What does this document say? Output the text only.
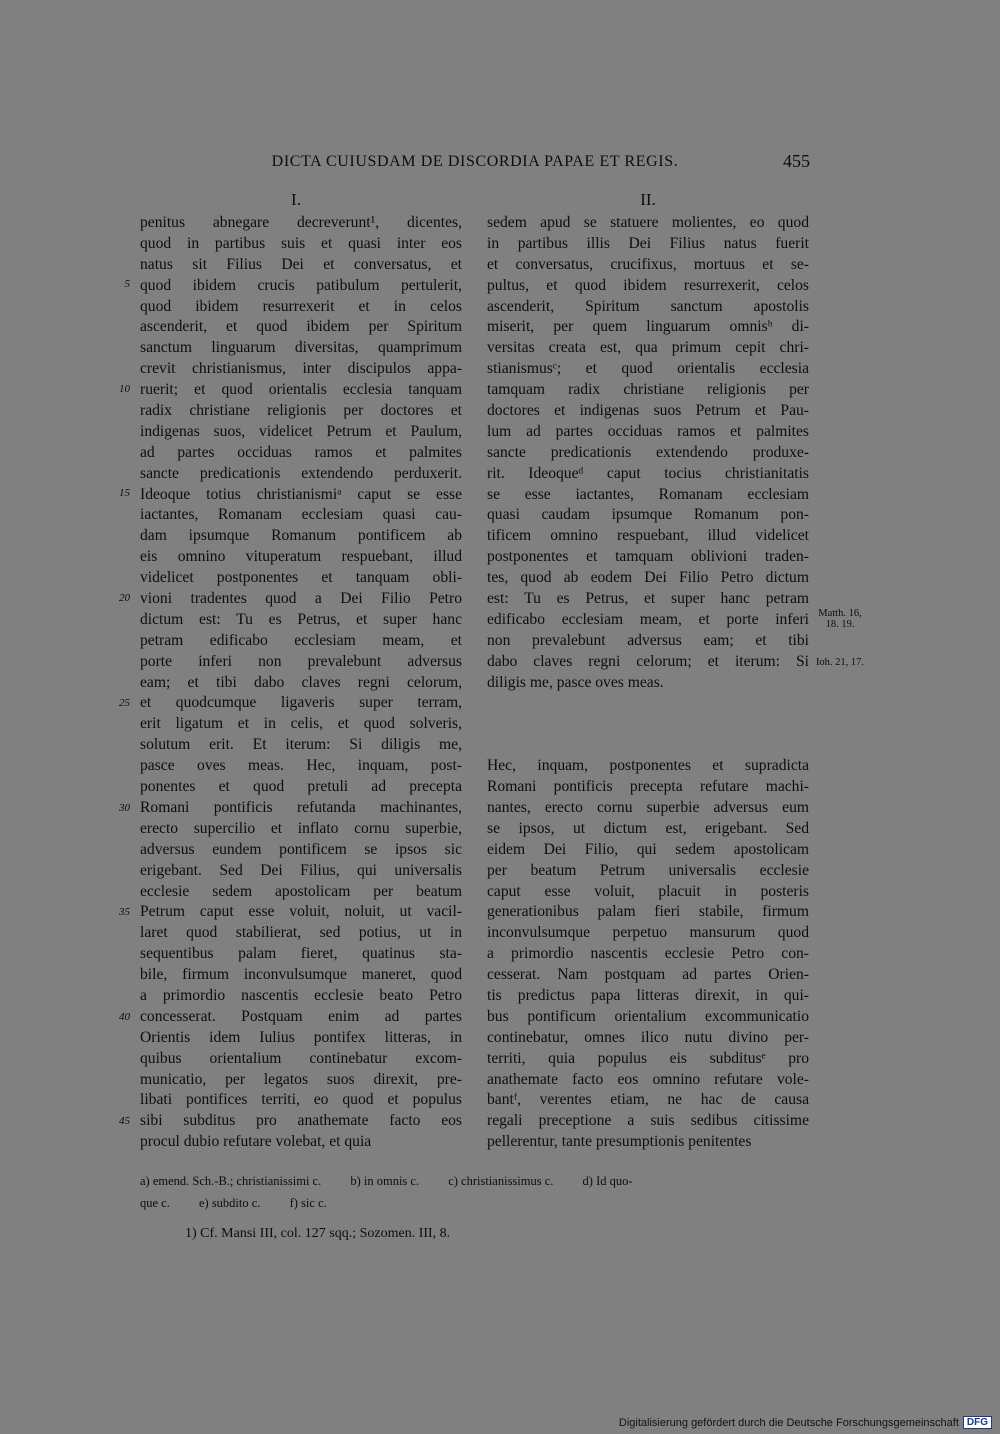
DICTA CUIUSDAM DE DISCORDIA PAPAE ET REGIS.	455
I.	II.
penitus abnegare decreverunt¹, dicentes,
quod in partibus suis et quasi inter eos
natus sit Filius Dei et conversatus, et
quod ibidem crucis patibulum pertulerit,
quod ibidem resurrexerit et in celos
ascenderit, et quod ibidem per Spiritum
sanctum linguarum diversitas, quamprimum
crevit christianismus, inter discipulos appa-
ruerit; et quod orientalis ecclesia tanquam
radix christiane religionis per doctores et
indigenas suos, videlicet Petrum et Paulum,
ad partes occiduas ramos et palmites
sancte predicationis extendendo perduxerit.
Ideoque totius christianismiᵃ caput se esse
iactantes, Romanam ecclesiam quasi cau-
dam ipsumque Romanum pontificem ab
eis omnino vituperatum respuebant, illud
videlicet postponentes et tanquam obli-
vioni tradentes quod a Dei Filio Petro
dictum est: Tu es Petrus, et super hanc
petram edificabo ecclesiam meam, et
porte inferi non prevalebunt adversus
eam; et tibi dabo claves regni celorum,
et quodcumque ligaveris super terram,
erit ligatum et in celis, et quod solveris,
solutum erit. Et iterum: Si diligis me,
pasce oves meas. Hec, inquam, post-
ponentes et quod pretuli ad precepta
Romani pontificis refutanda machinantes,
erecto supercilio et inflato cornu superbie,
adversus eundem pontificem se ipsos sic
erigebant. Sed Dei Filius, qui universalis
ecclesie sedem apostolicam per beatum
Petrum caput esse voluit, noluit, ut vacil-
laret quod stabilierat, sed potius, ut in
sequentibus palam fieret, quatinus sta-
bile, firmum inconvulsumque maneret, quod
a primordio nascentis ecclesie beato Petro
concesserat. Postquam enim ad partes
Orientis idem Iulius pontifex litteras, in
quibus orientalium continebatur excom-
municatio, per legatos suos direxit, pre-
libati pontifices territi, eo quod et populus
sibi subditus pro anathemate facto eos
procul dubio refutare volebat, et quia
sedem apud se statuere molientes, eo quod
in partibus illis Dei Filius natus fuerit
et conversatus, crucifixus, mortuus et se-
pultus, et quod ibidem resurrexerit, celos
ascenderit, Spiritum sanctum apostolis
miserit, per quem linguarum omnisᵇ di-
versitas creata est, qua primum cepit chri-
stianismusᶜ; et quod orientalis ecclesia
tamquam radix christiane religionis per
doctores et indigenas suos Petrum et Pau-
lum ad partes occiduas ramos et palmites
sancte predicationis extendendo produxe-
rit. Ideoqueᵈ caput tocius christianitatis
se esse iactantes, Romanam ecclesiam
quasi caudam ipsumque Romanum pon-
tificem omnino respuebant, illud videlicet
postponentes et tamquam oblivioni traden-
tes, quod ab eodem Dei Filio Petro dictum
est: Tu es Petrus, et super hanc petram
edificabo ecclesiam meam, et porte inferi
non prevalebunt adversus eam; et tibi
dabo claves regni celorum; et iterum: Si
diligis me, pasce oves meas.
Hec, inquam, postponentes et supradicta
Romani pontificis precepta refutare machi-
nantes, erecto cornu superbie adversus eum
se ipsos, ut dictum est, erigebant. Sed
eidem Dei Filio, qui sedem apostolicam
per beatum Petrum universalis ecclesie
caput esse voluit, placuit in posteris
generationibus palam fieri stabile, firmum
inconvulsumque perpetuo mansurum quod
a primordio nascentis ecclesie Petro con-
cesserat. Nam postquam ad partes Orien-
tis predictus papa litteras direxit, in qui-
bus pontificum orientalium excommunicatio
continebatur, omnes ilico nutu divino per-
territi, quia populus eis subditusᵉ pro
anathemate facto eos omnino refutare vole-
bantᶠ, verentes etiam, ne hac de causa
regali preceptione a suis sedibus citissime
pellerentur, tante presumptionis penitentes
5
10
15
20
25
30
35
40
45
Matth. 16,
18. 19.
Ioh. 21, 17.
a) emend. Sch.-B.; christianissimi c. b) in omnis c. c) christianissimus c. d) Id quo-
que c. e) subdito c. f) sic c.
1) Cf. Mansi III, col. 127 sqq.; Sozomen. III, 8.
Digitalisierung gefördert durch die Deutsche Forschungsgemeinschaft DFG
